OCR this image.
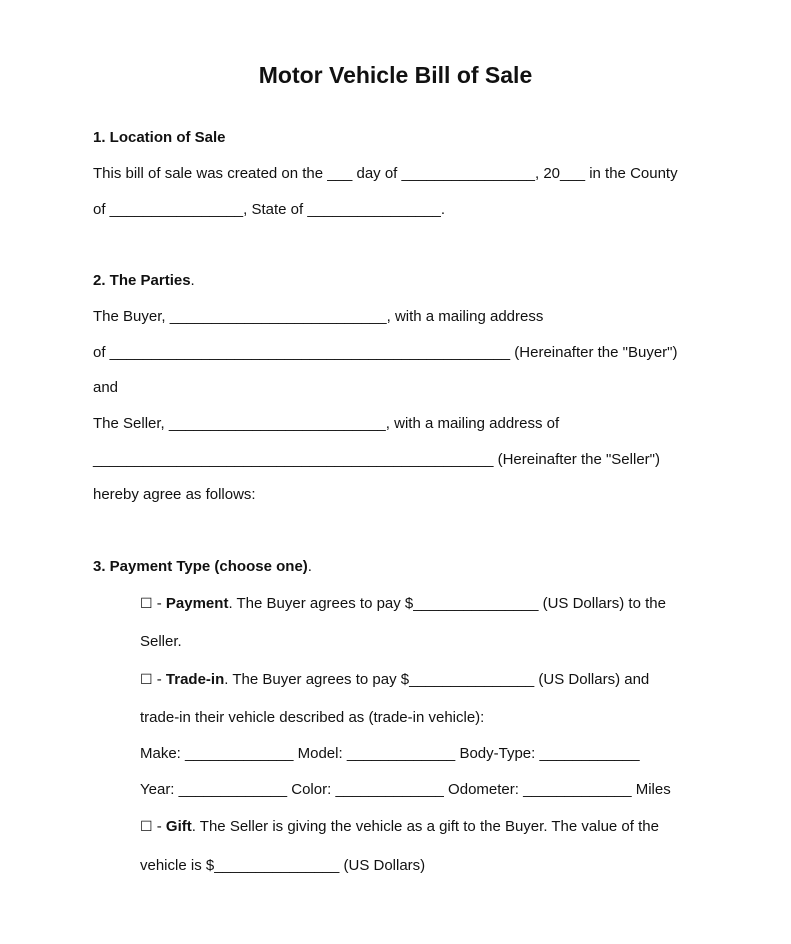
Motor Vehicle Bill of Sale
1. Location of Sale
This bill of sale was created on the ___ day of ________________, 20___ in the County
of ________________, State of ________________.
2. The Parties.
The Buyer, __________________________, with a mailing address
of ________________________________________________ (Hereinafter the "Buyer")
and
The Seller, __________________________, with a mailing address of
________________________________________________ (Hereinafter the "Seller")
hereby agree as follows:
3. Payment Type (choose one).
☐ - Payment. The Buyer agrees to pay $_______________ (US Dollars) to the
Seller.
☐ - Trade-in. The Buyer agrees to pay $_______________ (US Dollars) and
trade-in their vehicle described as (trade-in vehicle):
Make: _____________ Model: _____________ Body-Type: ____________
Year: _____________ Color: _____________ Odometer: _____________ Miles
☐ - Gift. The Seller is giving the vehicle as a gift to the Buyer. The value of the
vehicle is $_______________ (US Dollars)
